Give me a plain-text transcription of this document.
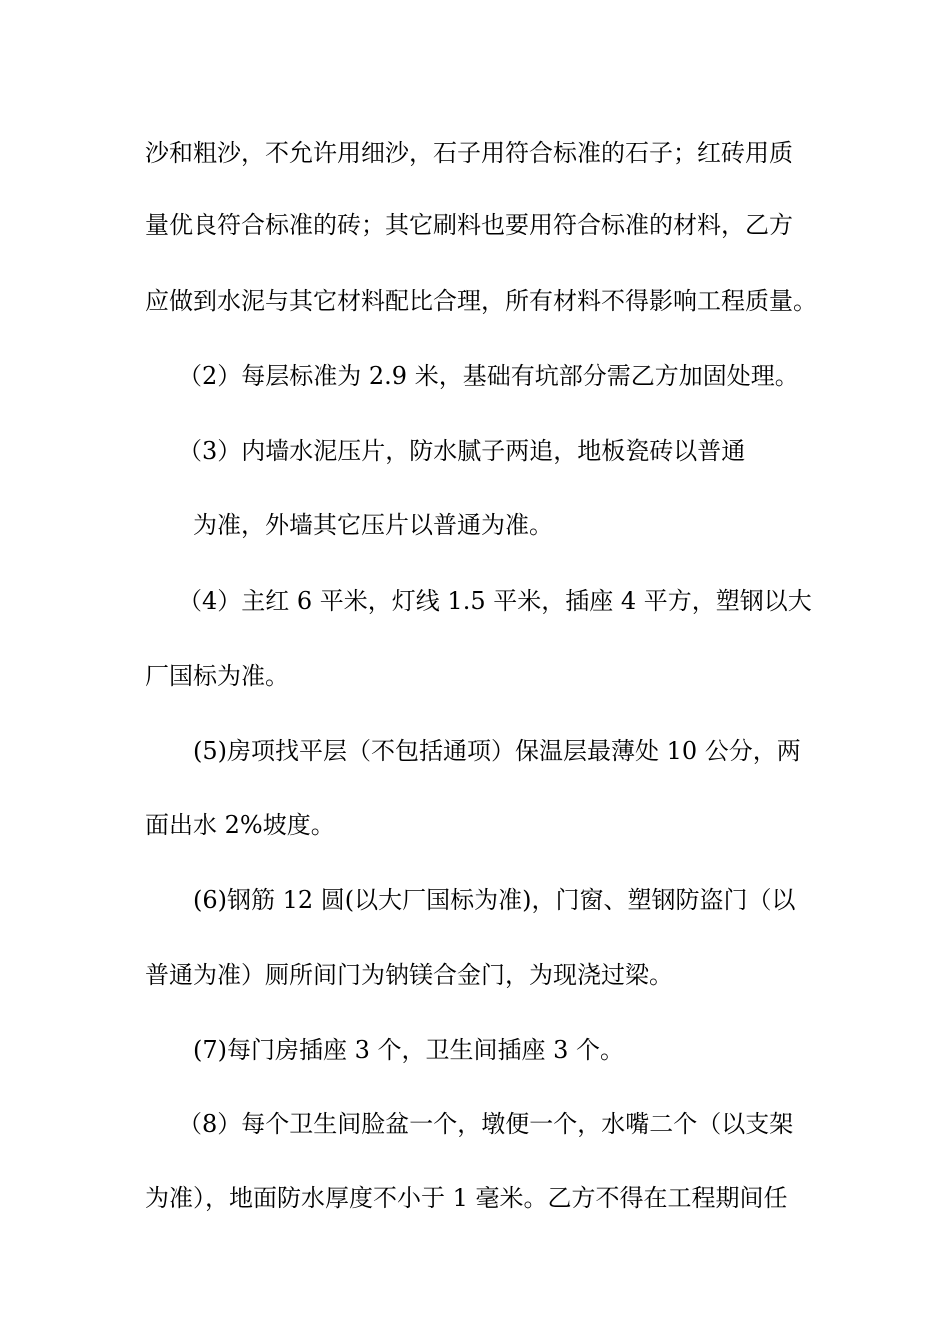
沙和粗沙，不允许用细沙，石子用符合标准的石子；红砖用质
量优良符合标准的砖；其它刷料也要用符合标准的材料，乙方
应做到水泥与其它材料配比合理，所有材料不得影响工程质量。
（2）每层标准为 2.9 米，基础有坑部分需乙方加固处理。
（3）内墙水泥压片，防水腻子两追，地板瓷砖以普通
为准，外墙其它压片以普通为准。
（4）主红 6 平米，灯线 1.5 平米，插座 4 平方，塑钢以大
厂国标为准。
(5)房项找平层（不包括通项）保温层最薄处 10 公分，两
面出水 2%坡度。
(6)钢筋 12 圆(以大厂国标为准)，门窗、塑钢防盗门（以
普通为准）厕所间门为钠镁合金门，为现浇过梁。
(7)每门房插座 3 个，卫生间插座 3 个。
（8）每个卫生间脸盆一个，墩便一个，水嘴二个（以支架
为准），地面防水厚度不小于 1 毫米。乙方不得在工程期间任
